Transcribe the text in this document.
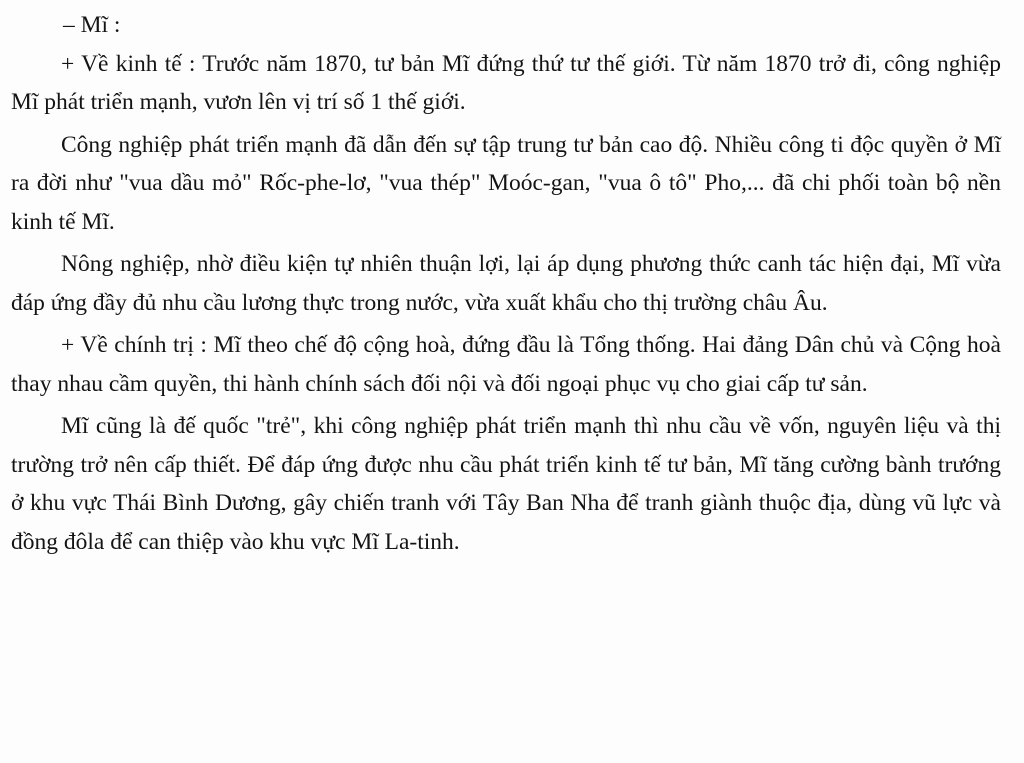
– Mĩ :

+ Về kinh tế : Trước năm 1870, tư bản Mĩ đứng thứ tư thế giới. Từ năm 1870 trở đi, công nghiệp Mĩ phát triển mạnh, vươn lên vị trí số 1 thế giới.

Công nghiệp phát triển mạnh đã dẫn đến sự tập trung tư bản cao độ. Nhiều công ti độc quyền ở Mĩ ra đời như "vua dầu mỏ" Rốc-phe-lơ, "vua thép" Moóc-gan, "vua ô tô" Pho,... đã chi phối toàn bộ nền kinh tế Mĩ.

Nông nghiệp, nhờ điều kiện tự nhiên thuận lợi, lại áp dụng phương thức canh tác hiện đại, Mĩ vừa đáp ứng đầy đủ nhu cầu lương thực trong nước, vừa xuất khẩu cho thị trường châu Âu.

+ Về chính trị : Mĩ theo chế độ cộng hoà, đứng đầu là Tổng thống. Hai đảng Dân chủ và Cộng hoà thay nhau cầm quyền, thi hành chính sách đối nội và đối ngoại phục vụ cho giai cấp tư sản.

Mĩ cũng là đế quốc "trẻ", khi công nghiệp phát triển mạnh thì nhu cầu về vốn, nguyên liệu và thị trường trở nên cấp thiết. Để đáp ứng được nhu cầu phát triển kinh tế tư bản, Mĩ tăng cường bành trướng ở khu vực Thái Bình Dương, gây chiến tranh với Tây Ban Nha để tranh giành thuộc địa, dùng vũ lực và đồng đôla để can thiệp vào khu vực Mĩ La-tinh.
